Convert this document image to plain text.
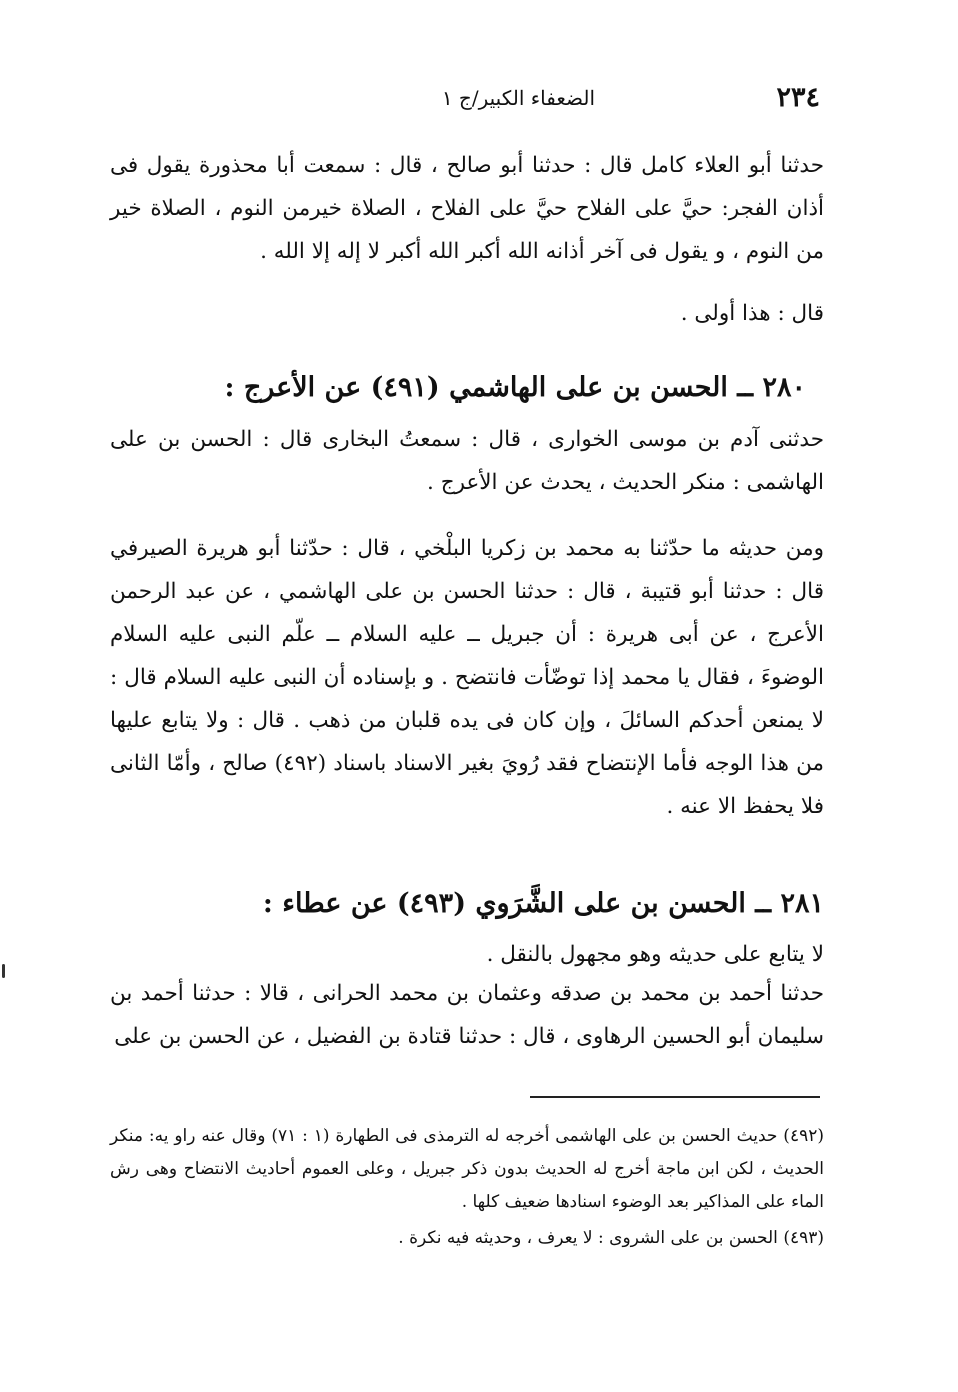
٢٣٤
الضعفاء الكبير/ج ١

حدثنا أبو العلاء كامل قال : حدثنا أبو صالح ، قال : سمعت أبا محذورة يقول فى أذان الفجر: حيَّ على الفلاح حيَّ على الفلاح ، الصلاة خيرمن النوم ، الصلاة خير من النوم ، و يقول فى آخر أذانه الله أكبر الله أكبر لا إله إلا الله .

قال : هذا أولى .

٢٨٠ ــ الحسن بن على الهاشمي (٤٩١) عن الأعرج :

حدثنى آدم بن موسى الخوارى ، قال : سمعتُ البخارى قال : الحسن بن على الهاشمى : منكر الحديث ، يحدث عن الأعرج .

ومن حديثه ما حدّثنا به محمد بن زكريا البلْخي ، قال : حدّثنا أبو هريرة الصيرفي قال : حدثنا أبو قتيبة ، قال : حدثنا الحسن بن على الهاشمي ، عن عبد الرحمن الأعرج ، عن أبى هريرة : أن جبريل ــ عليه السلام ــ علّم النبى عليه السلام الوضوءَ ، فقال يا محمد إذا توضّأت فانتضح . و بإسناده أن النبى عليه السلام قال : لا يمنعن أحدكم السائلَ ، وإن كان فى يده قلبان من ذهب . قال : ولا يتابع عليها من هذا الوجه فأما الإنتضاح فقد رُويَ بغير الاسناد باسناد (٤٩٢) صالح ، وأمّا الثانى فلا يحفظ الا عنه .

٢٨١ ــ الحسن بن على الشَّرَوي (٤٩٣) عن عطاء :

لا يتابع على حديثه وهو مجهول بالنقل .

حدثنا أحمد بن محمد بن صدقه وعثمان بن محمد الحرانى ، قالا : حدثنا أحمد بن سليمان أبو الحسين الرهاوى ، قال : حدثنا قتادة بن الفضيل ، عن الحسن بن على

(٤٩٢) حديث الحسن بن على الهاشمى أخرجه له الترمذى فى الطهارة (١ : ٧١) وقال عنه راو يه: منكر الحديث ، لكن ابن ماجة أخرج له الحديث بدون ذكر جبريل ، وعلى العموم أحاديث الانتضاح وهى رش الماء على المذاكير بعد الوضوء اسنادها ضعيف كلها .
(٤٩٣) الحسن بن على الشروى : لا يعرف ، وحديثه فيه نكرة .
